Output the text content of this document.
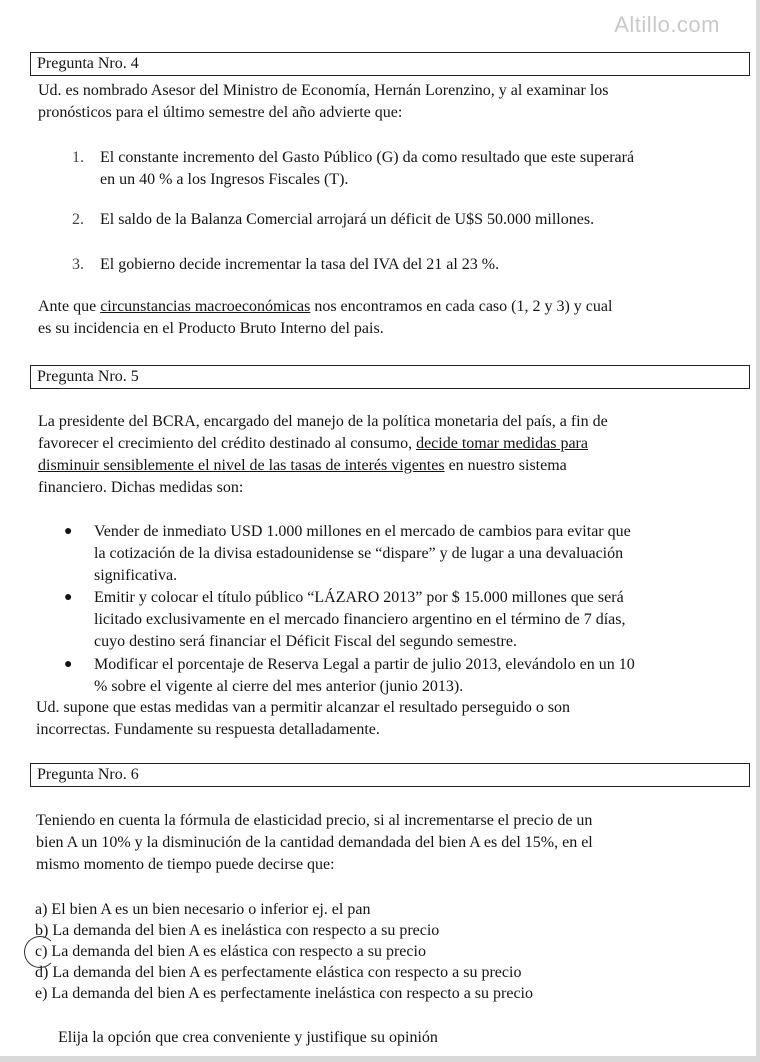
Altillo.com
Pregunta Nro. 4
Ud. es nombrado Asesor del Ministro de Economía, Hernán Lorenzino, y al examinar los
pronósticos para el último semestre del año advierte que:
1. El constante incremento del Gasto Público (G) da como resultado que este superará
en un 40 % a los Ingresos Fiscales (T).
2. El saldo de la Balanza Comercial arrojará un déficit de U$S 50.000 millones.
3. El gobierno decide incrementar la tasa del IVA del 21 al 23 %.
Ante que circunstancias macroeconómicas nos encontramos en cada caso (1, 2 y 3) y cual
es su incidencia en el Producto Bruto Interno del pais.
Pregunta Nro. 5
La presidente del BCRA, encargado del manejo de la política monetaria del país, a fin de
favorecer el crecimiento del crédito destinado al consumo, decide tomar medidas para
disminuir sensiblemente el nivel de las tasas de interés vigentes en nuestro sistema
financiero. Dichas medidas son:
● Vender de inmediato USD 1.000 millones en el mercado de cambios para evitar que
la cotización de la divisa estadounidense se “dispare” y de lugar a una devaluación
significativa.
● Emitir y colocar el título público “LÁZARO 2013” por $ 15.000 millones que será
licitado exclusivamente en el mercado financiero argentino en el término de 7 días,
cuyo destino será financiar el Déficit Fiscal del segundo semestre.
● Modificar el porcentaje de Reserva Legal a partir de julio 2013, elevándolo en un 10
% sobre el vigente al cierre del mes anterior (junio 2013).
Ud. supone que estas medidas van a permitir alcanzar el resultado perseguido o son
incorrectas. Fundamente su respuesta detalladamente.
Pregunta Nro. 6
Teniendo en cuenta la fórmula de elasticidad precio, si al incrementarse el precio de un
bien A un 10% y la disminución de la cantidad demandada del bien A es del 15%, en el
mismo momento de tiempo puede decirse que:
a) El bien A es un bien necesario o inferior ej. el pan
b) La demanda del bien A es inelástica con respecto a su precio
c) La demanda del bien A es elástica con respecto a su precio
d) La demanda del bien A es perfectamente elástica con respecto a su precio
e) La demanda del bien A es perfectamente inelástica con respecto a su precio
Elija la opción que crea conveniente y justifique su opinión
